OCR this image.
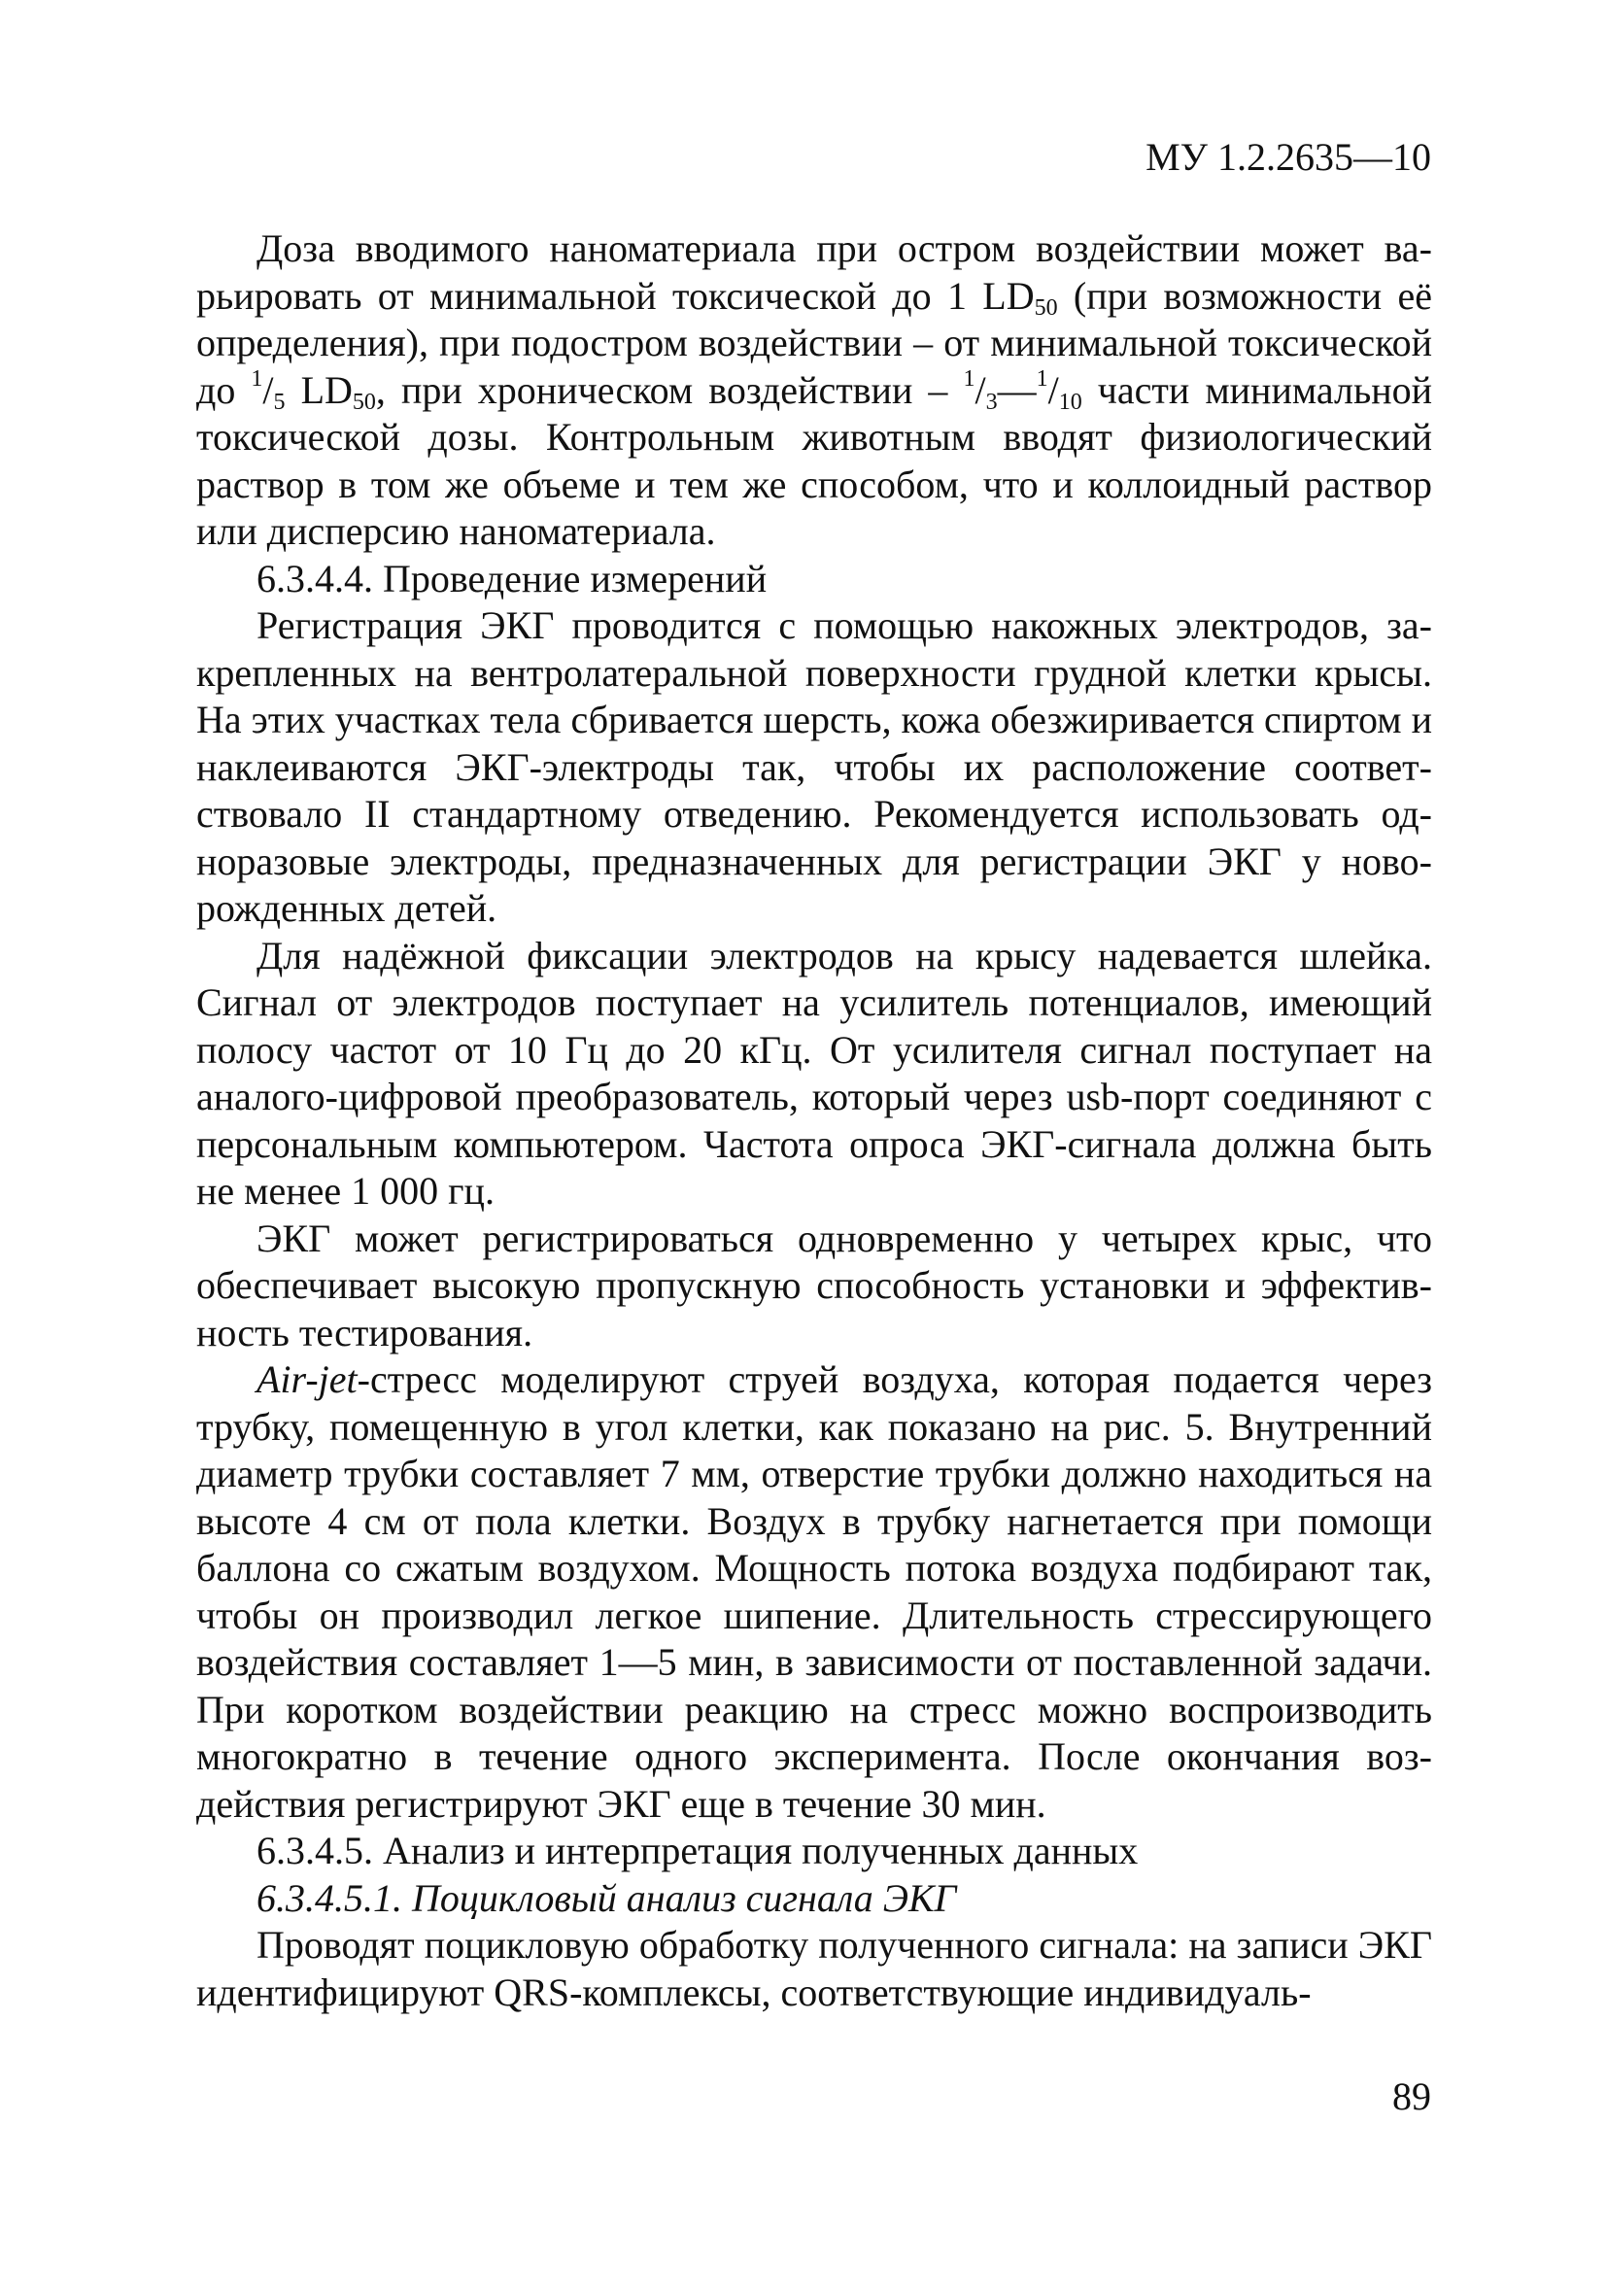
МУ 1.2.2635—10

Доза вводимого наноматериала при остром воздействии может варьировать от минимальной токсической до 1 $LD_{50}$ (при возможности её определения), при подостром воздействии – от минимальной токсической до $^1/_5$ $LD_{50}$, при хроническом воздействии – $^1/_3—^1/_{10}$ части минимальной токсической дозы. Контрольным животным вводят физиологический раствор в том же объеме и тем же способом, что и коллоидный раствор или дисперсию наноматериала.

6.3.4.4. Проведение измерений

Регистрация ЭКГ проводится с помощью накожных электродов, закрепленных на вентролатеральной поверхности грудной клетки крысы. На этих участках тела сбривается шерсть, кожа обезжиривается спиртом и наклеиваются ЭКГ-электроды так, чтобы их расположение соответствовало II стандартному отведению. Рекомендуется использовать одноразовые электроды, предназначенных для регистрации ЭКГ у новорожденных детей.

Для надёжной фиксации электродов на крысу надевается шлейка. Сигнал от электродов поступает на усилитель потенциалов, имеющий полосу частот от 10 Гц до 20 кГц. От усилителя сигнал поступает на аналого-цифровой преобразователь, который через usb-порт соединяют с персональным компьютером. Частота опроса ЭКГ-сигнала должна быть не менее 1 000 гц.

ЭКГ может регистрироваться одновременно у четырех крыс, что обеспечивает высокую пропускную способность установки и эффективность тестирования.

Air-jet-стресс моделируют струей воздуха, которая подается через трубку, помещенную в угол клетки, как показано на рис. 5. Внутренний диаметр трубки составляет 7 мм, отверстие трубки должно находиться на высоте 4 см от пола клетки. Воздух в трубку нагнетается при помощи баллона со сжатым воздухом. Мощность потока воздуха подбирают так, чтобы он производил легкое шипение. Длительность стрессирующего воздействия составляет 1—5 мин, в зависимости от поставленной задачи. При коротком воздействии реакцию на стресс можно воспроизводить многократно в течение одного эксперимента. После окончания воздействия регистрируют ЭКГ еще в течение 30 мин.

6.3.4.5. Анализ и интерпретация полученных данных

6.3.4.5.1. Поцикловый анализ сигнала ЭКГ

Проводят поцикловую обработку полученного сигнала: на записи ЭКГ идентифицируют QRS-комплексы, соответствующие индивидуаль-

89
